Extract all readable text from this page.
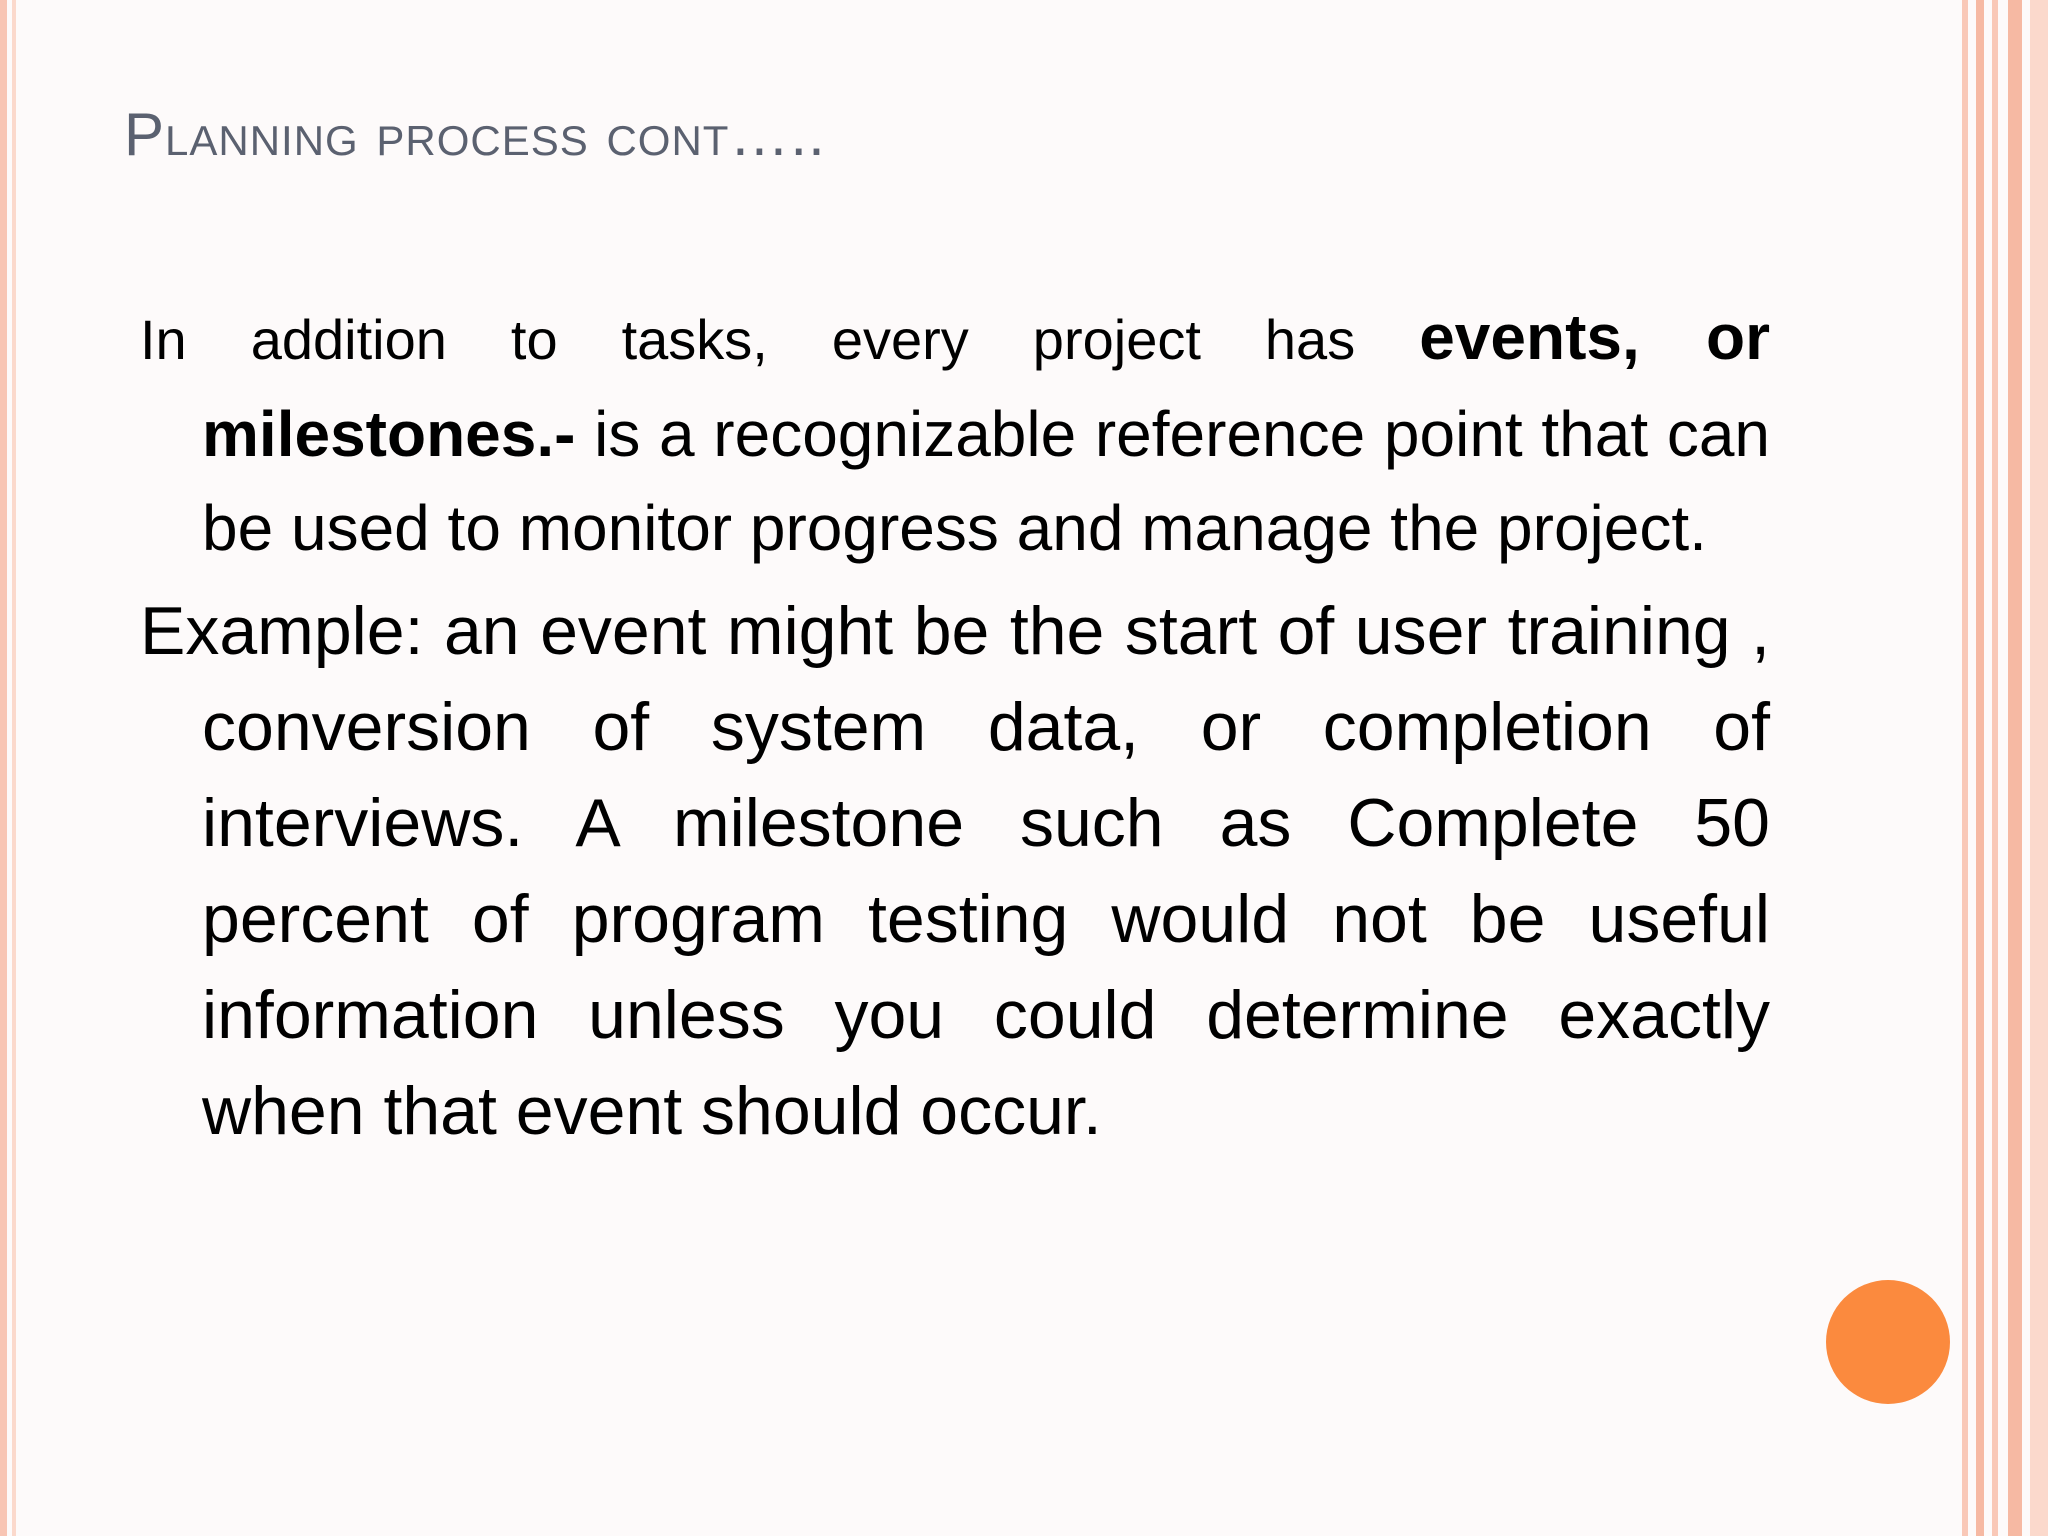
Planning process cont…..

In addition to tasks, every project has events, or milestones.- is a recognizable reference point that can be used to monitor progress and manage the project.

Example: an event might be the start of user training , conversion of system data, or completion of interviews. A milestone such as Complete 50 percent of program testing would not be useful information unless you could determine exactly when that event should occur.
